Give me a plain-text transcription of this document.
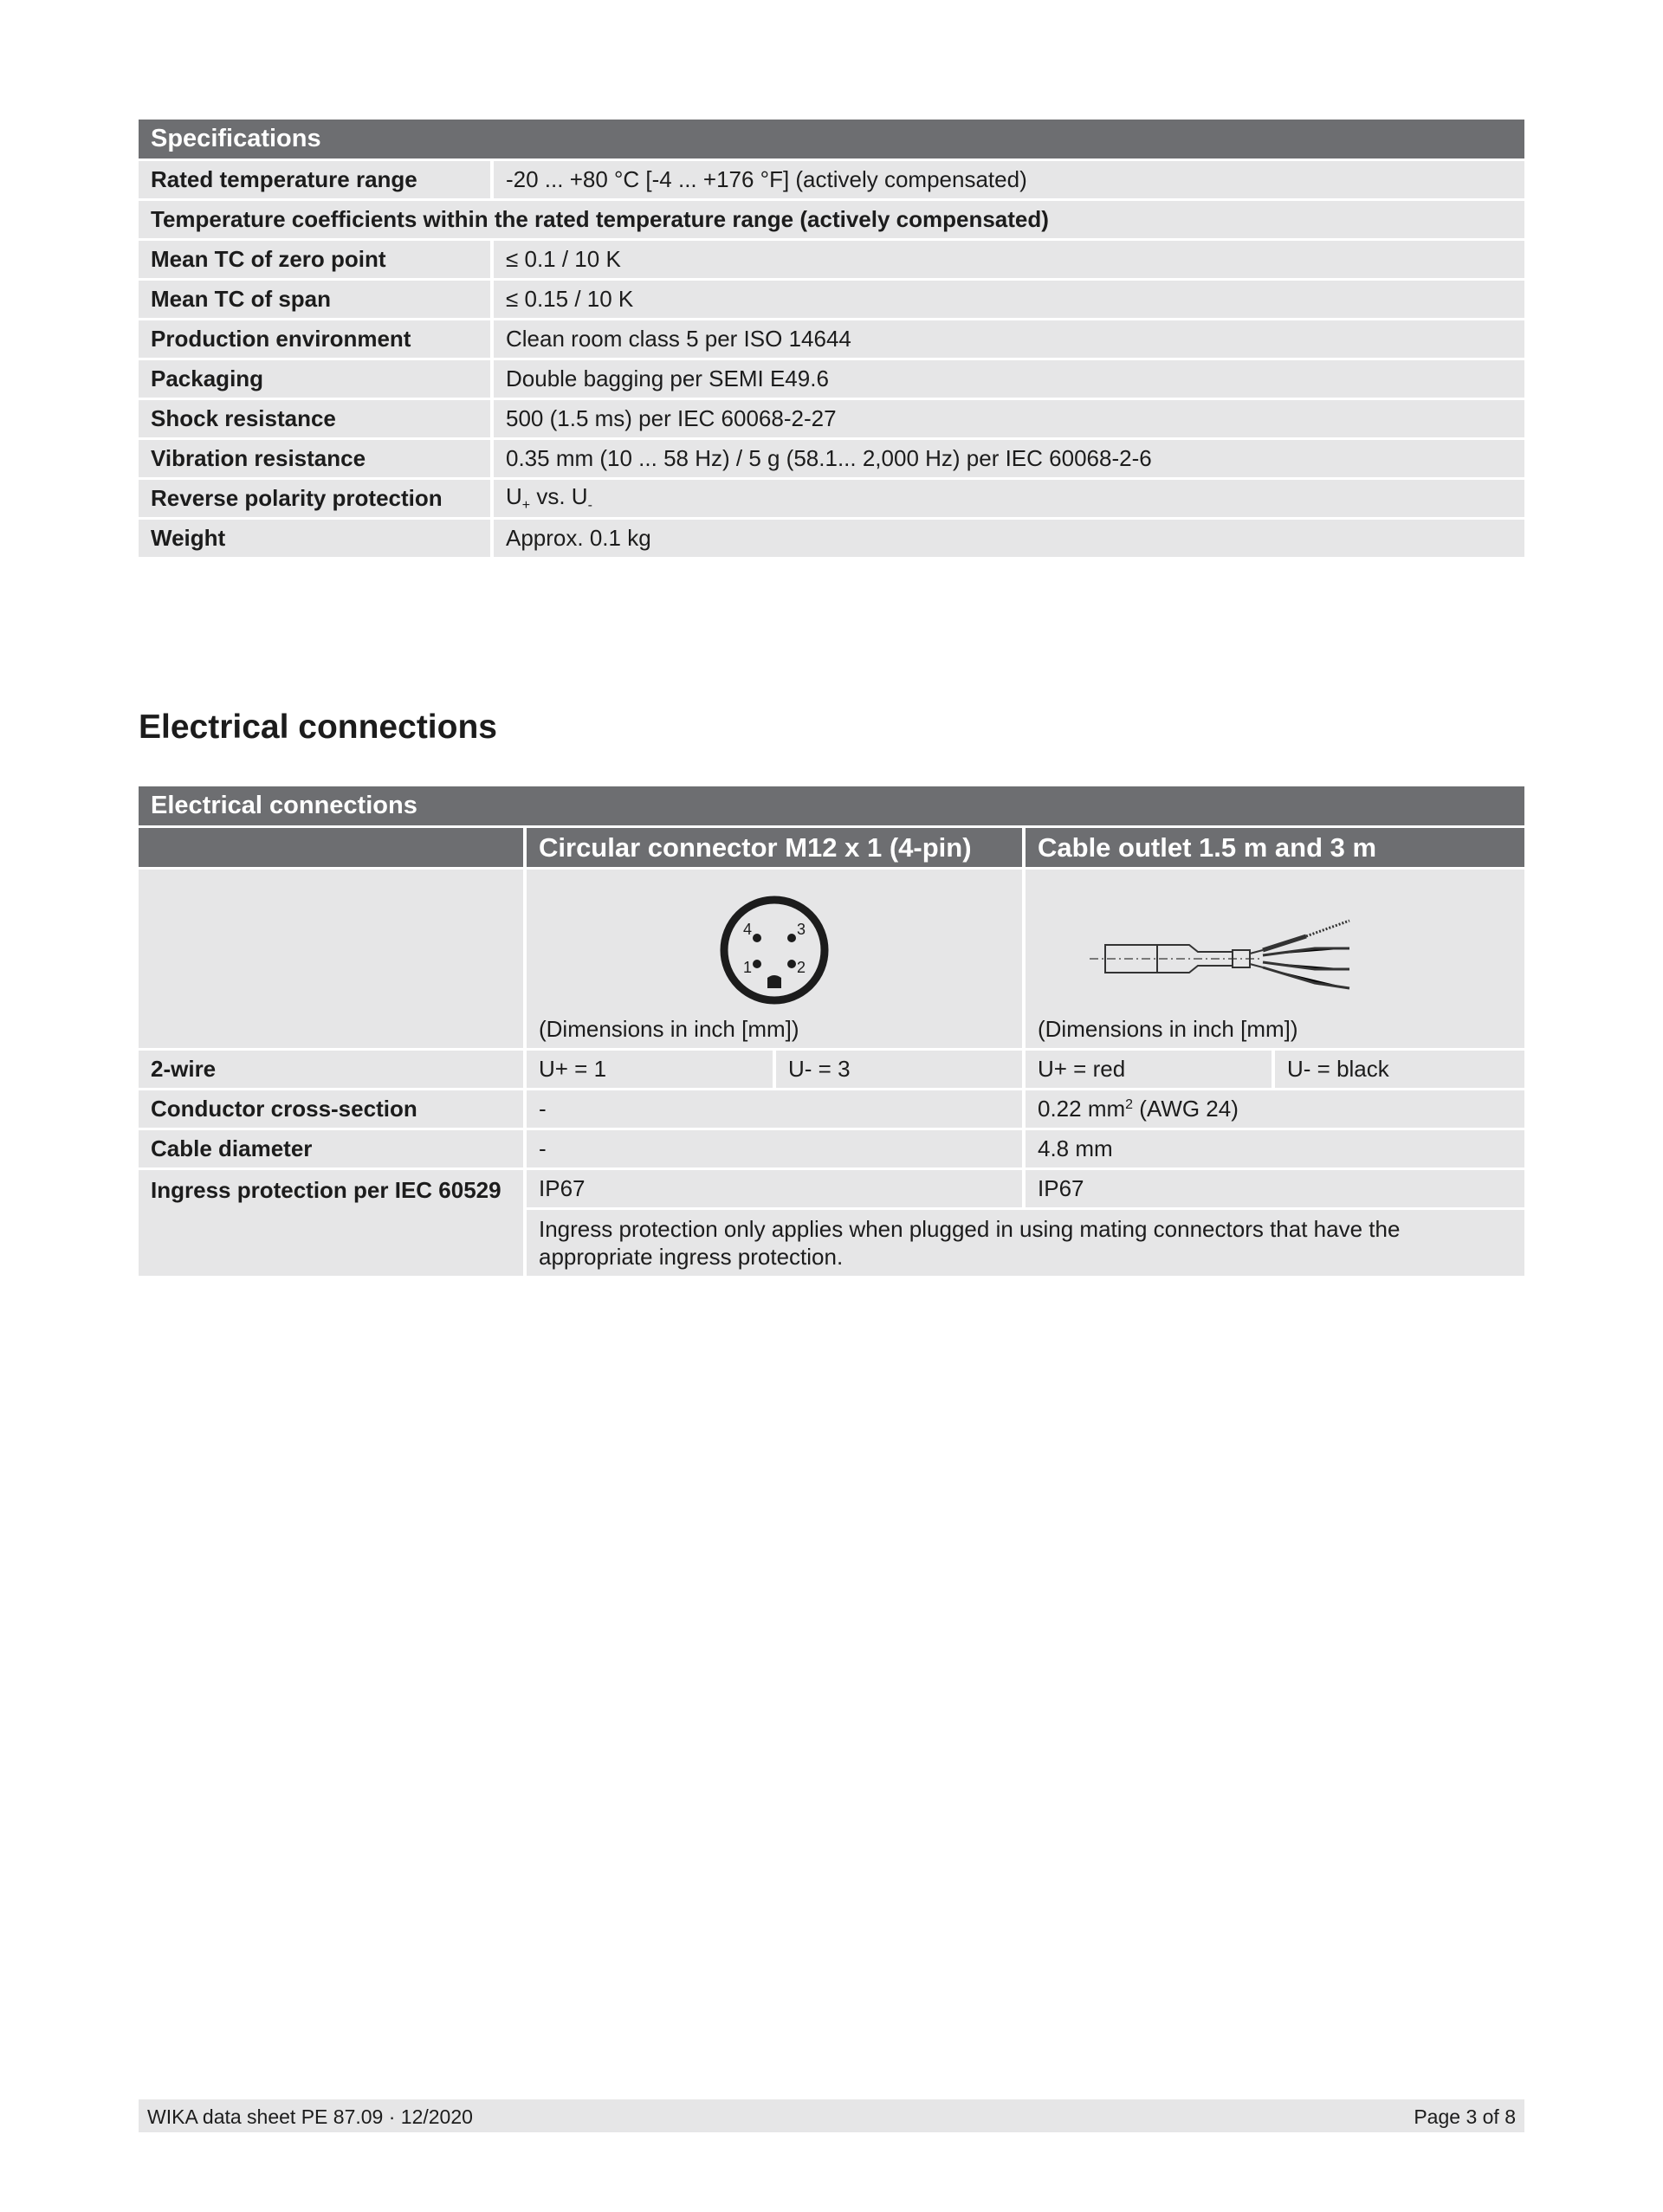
Specifications	
Rated temperature range	-20 ... +80 °C [-4 ... +176 °F] (actively compensated)
Temperature coefficients within the rated temperature range (actively compensated)	
Mean TC of zero point	≤ 0.1 / 10 K
Mean TC of span	≤ 0.15 / 10 K
Production environment	Clean room class 5 per ISO 14644
Packaging	Double bagging per SEMI E49.6
Shock resistance	500 (1.5 ms) per IEC 60068-2-27
Vibration resistance	0.35 mm (10 ... 58 Hz) / 5 g (58.1... 2,000 Hz) per IEC 60068-2-6
Reverse polarity protection	$U_+$ vs. $U_-$
Weight	Approx. 0.1 kg
Electrical connections
Electrical connections				
	Circular connector M12 x 1 (4-pin)		Cable outlet 1.5 m and 3 m	

4 3
1 2
(Dimensions in inch [mm])		(Dimensions in inch [mm])	

2-wire	U+ = 1	U- = 3	U+ = red	U- = black
Conductor cross-section	-		0.22 $mm^2$ (AWG 24)	
Cable diameter	-		4.8 mm	
Ingress protection per IEC 60529	IP67		IP67	
	Ingress protection only applies when plugged in using mating connectors that have the appropriate ingress protection.			
WIKA data sheet PE 87.09 · 12/2020	Page 3 of 8
